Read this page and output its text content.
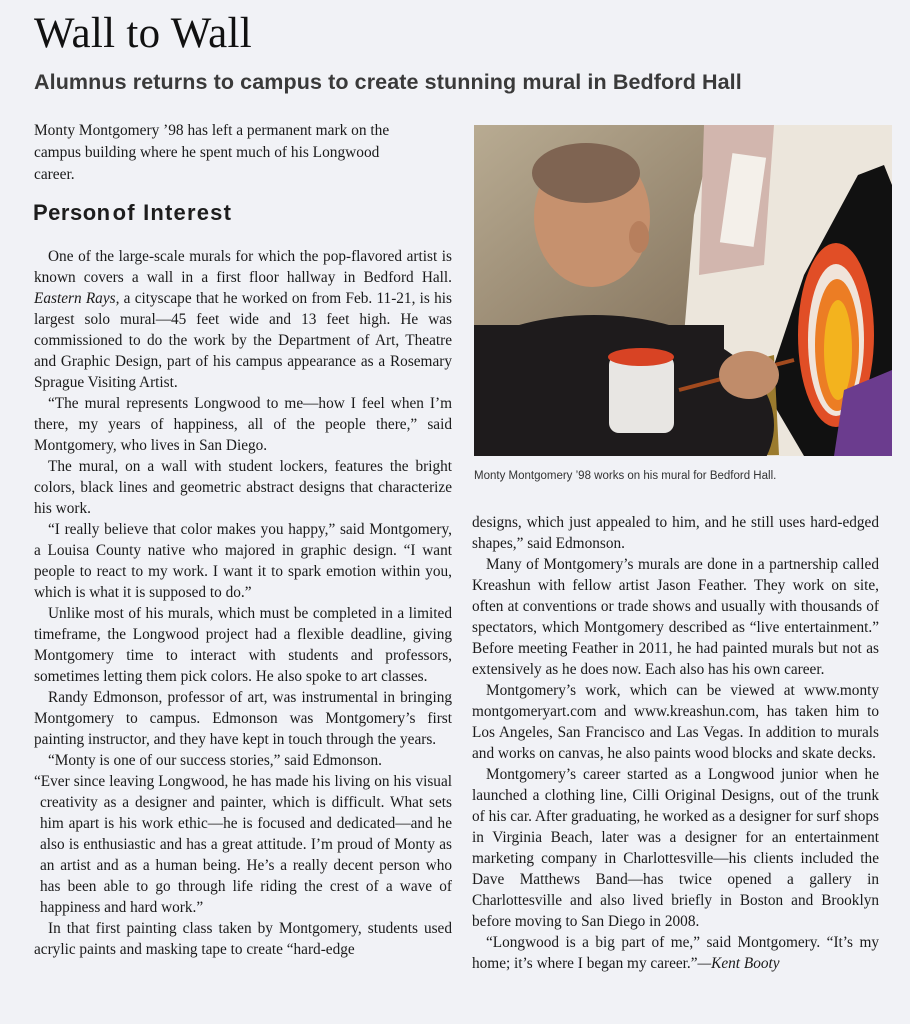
Wall to Wall
Alumnus returns to campus to create stunning mural in Bedford Hall
Monty Montgomery ’98 has left a permanent mark on the campus building where he spent much of his Longwood career.
Personof Interest

One of the large-scale murals for which the pop-flavored artist is known covers a wall in a first floor hallway in Bedford Hall. Eastern Rays, a cityscape that he worked on from Feb. 11-21, is his largest solo mural—45 feet wide and 13 feet high. He was commissioned to do the work by the Department of Art, Theatre and Graphic Design, part of his campus appearance as a Rosemary Sprague Visiting Artist.

“The mural represents Longwood to me—how I feel when I’m there, my years of happiness, all of the people there,” said Montgomery, who lives in San Diego.

The mural, on a wall with student lockers, features the bright colors, black lines and geometric abstract designs that characterize his work.

“I really believe that color makes you happy,” said Montgomery, a Louisa County native who majored in graphic design. “I want people to react to my work. I want it to spark emotion within you, which is what it is supposed to do.”

Unlike most of his murals, which must be completed in a limited timeframe, the Longwood project had a flexible deadline, giving Montgomery time to interact with students and professors, sometimes letting them pick colors. He also spoke to art classes.

Randy Edmonson, professor of art, was instrumental in bringing Montgomery to campus. Edmonson was Montgomery’s first painting instructor, and they have kept in touch through the years.

“Monty is one of our success stories,” said Edmonson.

“Ever since leaving Longwood, he has made his living on his visual creativity as a designer and painter, which is difficult. What sets him apart is his work ethic—he is focused and dedicated—and he also is enthusiastic and has a great attitude. I’m proud of Monty as an artist and as a human being. He’s a really decent person who has been able to go through life riding the crest of a wave of happiness and hard work.”

In that first painting class taken by Montgomery, students used acrylic paints and masking tape to create “hard-edge

Monty Montgomery ’98 works on his mural for Bedford Hall.

designs, which just appealed to him, and he still uses hard-edged shapes,” said Edmonson.

Many of Montgomery’s murals are done in a partnership called Kreashun with fellow artist Jason Feather. They work on site, often at conventions or trade shows and usually with thousands of spectators, which Montgomery described as “live entertainment.” Before meeting Feather in 2011, he had painted murals but not as extensively as he does now. Each also has his own career.

Montgomery’s work, which can be viewed at www.monty montgomeryart.com and www.kreashun.com, has taken him to Los Angeles, San Francisco and Las Vegas. In addition to murals and works on canvas, he also paints wood blocks and skate decks.

Montgomery’s career started as a Longwood junior when he launched a clothing line, Cilli Original Designs, out of the trunk of his car. After graduating, he worked as a designer for surf shops in Virginia Beach, later was a designer for an entertainment marketing company in Charlottesville—his clients included the Dave Matthews Band—has twice opened a gallery in Charlottesville and also lived briefly in Boston and Brooklyn before moving to San Diego in 2008.

“Longwood is a big part of me,” said Montgomery. “It’s my home; it’s where I began my career.”—Kent Booty
